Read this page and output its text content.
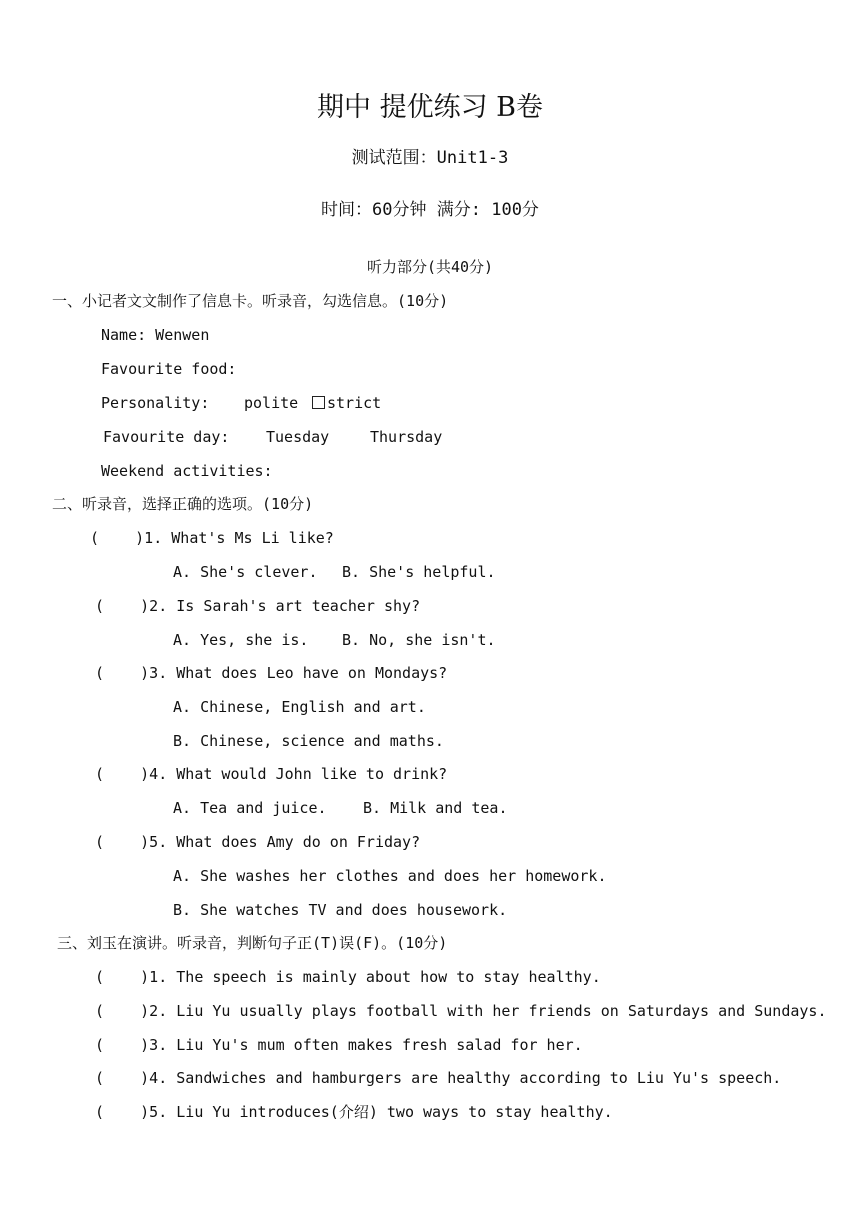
期中 提优练习 B卷
测试范围：Unit1-3
时间：60分钟 满分: 100分
听力部分(共40分)
一、小记者文文制作了信息卡。听录音，勾选信息。(10分)
Name: Wenwen
Favourite food:
Personality: polite	strict
Favourite day: Tuesday	Thursday
Weekend activities:
二、听录音，选择正确的选项。(10分)
(    )1. What's Ms Li like?
A. She's clever. B. She's helpful.
(    )2. Is Sarah's art teacher shy?
A. Yes, she is. B. No, she isn't.
(    )3. What does Leo have on Mondays?
A. Chinese, English and art.
B. Chinese, science and maths.
(    )4. What would John like to drink?
A. Tea and juice. B. Milk and tea.
(    )5. What does Amy do on Friday?
A. She washes her clothes and does her homework.
B. She watches TV and does housework.
三、刘玉在演讲。听录音，判断句子正(T)误(F)。(10分)
(    )1. The speech is mainly about how to stay healthy.
(    )2. Liu Yu usually plays football with her friends on Saturdays and Sundays.
(    )3. Liu Yu's mum often makes fresh salad for her.
(    )4. Sandwiches and hamburgers are healthy according to Liu Yu's speech.
(    )5. Liu Yu introduces(介绍) two ways to stay healthy.
